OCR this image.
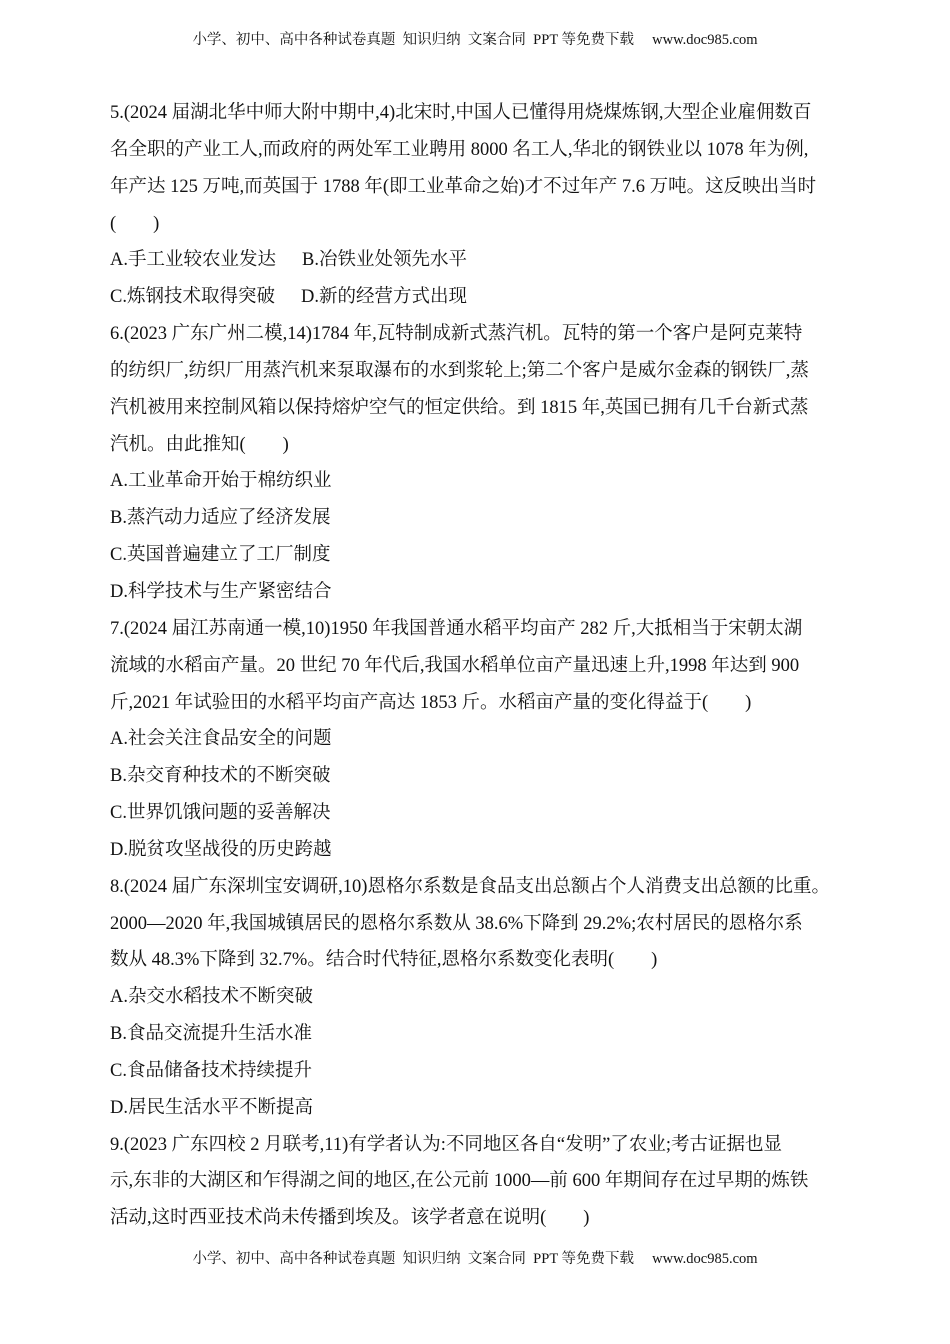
小学、初中、高中各种试卷真题  知识归纳  文案合同  PPT 等免费下载     www.doc985.com
5.(2024 届湖北华中师大附中期中,4)北宋时,中国人已懂得用烧煤炼钢,大型企业雇佣数百
名全职的产业工人,而政府的两处军工业聘用 8000 名工人,华北的钢铁业以 1078 年为例,
年产达 125 万吨,而英国于 1788 年(即工业革命之始)才不过年产 7.6 万吨。这反映出当时
(　　)
A.手工业较农业发达 B.冶铁业处领先水平
C.炼钢技术取得突破 D.新的经营方式出现
6.(2023 广东广州二模,14)1784 年,瓦特制成新式蒸汽机。瓦特的第一个客户是阿克莱特
的纺织厂,纺织厂用蒸汽机来泵取瀑布的水到浆轮上;第二个客户是威尔金森的钢铁厂,蒸
汽机被用来控制风箱以保持熔炉空气的恒定供给。到 1815 年,英国已拥有几千台新式蒸
汽机。由此推知(　　)
A.工业革命开始于棉纺织业
B.蒸汽动力适应了经济发展
C.英国普遍建立了工厂制度
D.科学技术与生产紧密结合
7.(2024 届江苏南通一模,10)1950 年我国普通水稻平均亩产 282 斤,大抵相当于宋朝太湖
流域的水稻亩产量。20 世纪 70 年代后,我国水稻单位亩产量迅速上升,1998 年达到 900
斤,2021 年试验田的水稻平均亩产高达 1853 斤。水稻亩产量的变化得益于(　　)
A.社会关注食品安全的问题
B.杂交育种技术的不断突破
C.世界饥饿问题的妥善解决
D.脱贫攻坚战役的历史跨越
8.(2024 届广东深圳宝安调研,10)恩格尔系数是食品支出总额占个人消费支出总额的比重。
2000—2020 年,我国城镇居民的恩格尔系数从 38.6%下降到 29.2%;农村居民的恩格尔系
数从 48.3%下降到 32.7%。结合时代特征,恩格尔系数变化表明(　　)
A.杂交水稻技术不断突破
B.食品交流提升生活水准
C.食品储备技术持续提升
D.居民生活水平不断提高
9.(2023 广东四校 2 月联考,11)有学者认为:不同地区各自“发明”了农业;考古证据也显
示,东非的大湖区和乍得湖之间的地区,在公元前 1000—前 600 年期间存在过早期的炼铁
活动,这时西亚技术尚未传播到埃及。该学者意在说明(　　)
小学、初中、高中各种试卷真题  知识归纳  文案合同  PPT 等免费下载     www.doc985.com
